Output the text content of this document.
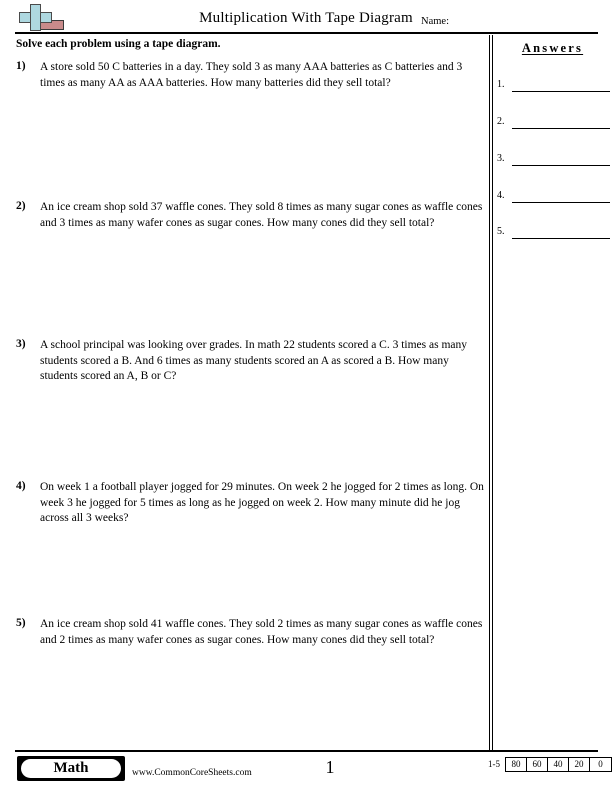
Multiplication With Tape Diagram Name:
Solve each problem using a tape diagram.
1)	A store sold 50 C batteries in a day. They sold 3 as many AAA batteries as C batteries and 3 times as many AA as AAA batteries. How many batteries did they sell total?
2)	An ice cream shop sold 37 waffle cones. They sold 8 times as many sugar cones as waffle cones and 3 times as many wafer cones as sugar cones. How many cones did they sell total?
3)	A school principal was looking over grades. In math 22 students scored a C. 3 times as many students scored a B. And 6 times as many students scored an A as scored a B. How many students scored an A, B or C?
4)	On week 1 a football player jogged for 29 minutes. On week 2 he jogged for 2 times as long. On week 3 he jogged for 5 times as long as he jogged on week 2. How many minute did he jog across all 3 weeks?
5)	An ice cream shop sold 41 waffle cones. They sold 2 times as many sugar cones as waffle cones and 2 times as many wafer cones as sugar cones. How many cones did they sell total?
Answers
1.
2.
3.
4.
5.
Math	www.CommonCoreSheets.com	1	1-5	80	60	40	20	0
